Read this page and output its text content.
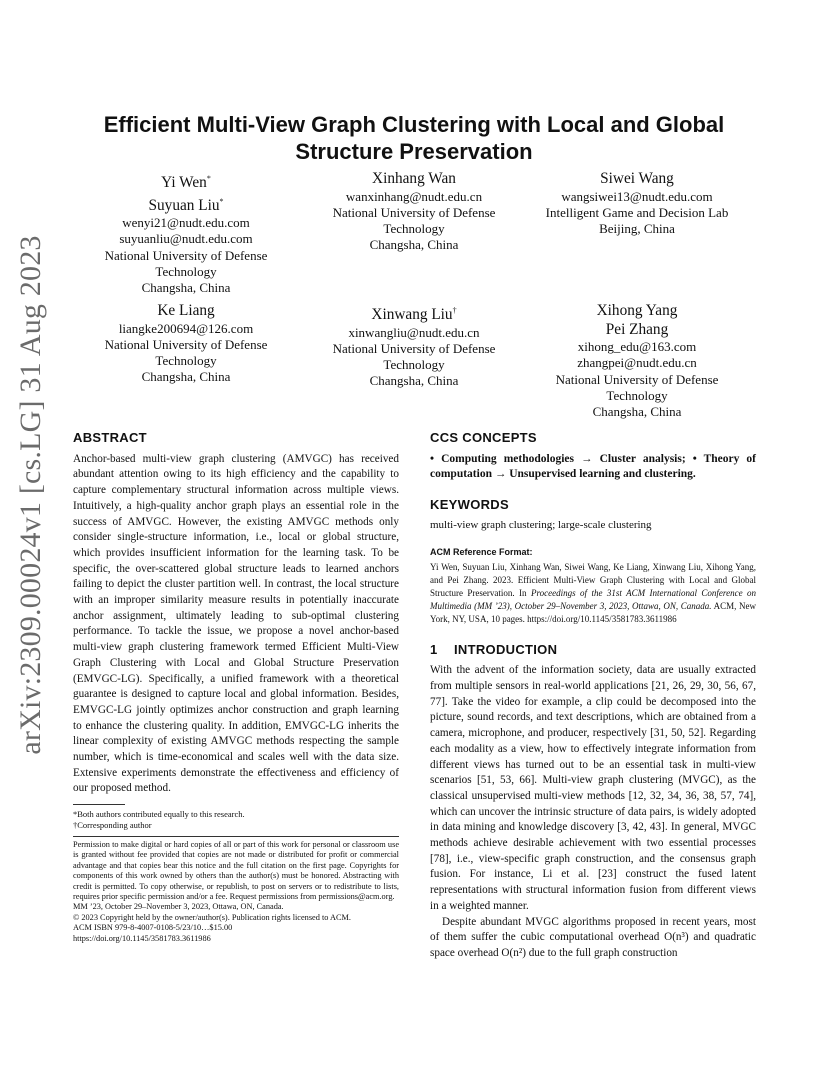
arXiv:2309.00024v1 [cs.LG] 31 Aug 2023
Efficient Multi-View Graph Clustering with Local and Global Structure Preservation
Yi Wen*
Suyuan Liu*
wenyi21@nudt.edu.com
suyuanliu@nudt.edu.com
National University of Defense
Technology
Changsha, China
Xinhang Wan
wanxinhang@nudt.edu.cn
National University of Defense
Technology
Changsha, China
Siwei Wang
wangsiwei13@nudt.edu.com
Intelligent Game and Decision Lab
Beijing, China
Ke Liang
liangke200694@126.com
National University of Defense
Technology
Changsha, China
Xinwang Liu†
xinwangliu@nudt.edu.cn
National University of Defense
Technology
Changsha, China
Xihong Yang
Pei Zhang
xihong_edu@163.com
zhangpei@nudt.edu.cn
National University of Defense
Technology
Changsha, China
ABSTRACT

Anchor-based multi-view graph clustering (AMVGC) has received abundant attention owing to its high efficiency and the capability to capture complementary structural information across multiple views. Intuitively, a high-quality anchor graph plays an essential role in the success of AMVGC. However, the existing AMVGC methods only consider single-structure information, i.e., local or global structure, which provides insufficient information for the learning task. To be specific, the over-scattered global structure leads to learned anchors failing to depict the cluster partition well. In contrast, the local structure with an improper similarity measure results in potentially inaccurate anchor assignment, ultimately leading to sub-optimal clustering performance. To tackle the issue, we propose a novel anchor-based multi-view graph clustering framework termed Efficient Multi-View Graph Clustering with Local and Global Structure Preservation (EMVGC-LG). Specifically, a unified framework with a theoretical guarantee is designed to capture local and global information. Besides, EMVGC-LG jointly optimizes anchor construction and graph learning to enhance the clustering quality. In addition, EMVGC-LG inherits the linear complexity of existing AMVGC methods respecting the sample number, which is time-economical and scales well with the data size. Extensive experiments demonstrate the effectiveness and efficiency of our proposed method.

*Both authors contributed equally to this research.
†Corresponding author

Permission to make digital or hard copies of all or part of this work for personal or classroom use is granted without fee provided that copies are not made or distributed for profit or commercial advantage and that copies bear this notice and the full citation on the first page. Copyrights for components of this work owned by others than the author(s) must be honored. Abstracting with credit is permitted. To copy otherwise, or republish, to post on servers or to redistribute to lists, requires prior specific permission and/or a fee. Request permissions from permissions@acm.org.

MM ’23, October 29–November 3, 2023, Ottawa, ON, Canada.
© 2023 Copyright held by the owner/author(s). Publication rights licensed to ACM.
ACM ISBN 979-8-4007-0108-5/23/10…$15.00
https://doi.org/10.1145/3581783.3611986
CCS CONCEPTS

• Computing methodologies → Cluster analysis; • Theory of computation → Unsupervised learning and clustering.

KEYWORDS

multi-view graph clustering; large-scale clustering

ACM Reference Format:

Yi Wen, Suyuan Liu, Xinhang Wan, Siwei Wang, Ke Liang, Xinwang Liu, Xihong Yang, and Pei Zhang. 2023. Efficient Multi-View Graph Clustering with Local and Global Structure Preservation. In Proceedings of the 31st ACM International Conference on Multimedia (MM ’23), October 29–November 3, 2023, Ottawa, ON, Canada. ACM, New York, NY, USA, 10 pages. https://doi.org/10.1145/3581783.3611986

1 INTRODUCTION

With the advent of the information society, data are usually extracted from multiple sensors in real-world applications [21, 26, 29, 30, 56, 67, 77]. Take the video for example, a clip could be decomposed into the picture, sound records, and text descriptions, which are obtained from a camera, microphone, and producer, respectively [31, 50, 52]. Regarding each modality as a view, how to effectively integrate information from different views has turned out to be an essential task in multi-view scenarios [51, 53, 66]. Multi-view graph clustering (MVGC), as the classical unsupervised multi-view methods [12, 32, 34, 36, 38, 57, 74], which can uncover the intrinsic structure of data pairs, is widely adopted in data mining and knowledge discovery [3, 42, 43]. In general, MVGC methods achieve desirable achievement with two essential processes [78], i.e., view-specific graph construction, and the consensus graph fusion. For instance, Li et al. [23] construct the fused latent representations with structural information fusion from different views in a weighted manner.

Despite abundant MVGC algorithms proposed in recent years, most of them suffer the cubic computational overhead O(n³) and quadratic space overhead O(n²) due to the full graph construction
